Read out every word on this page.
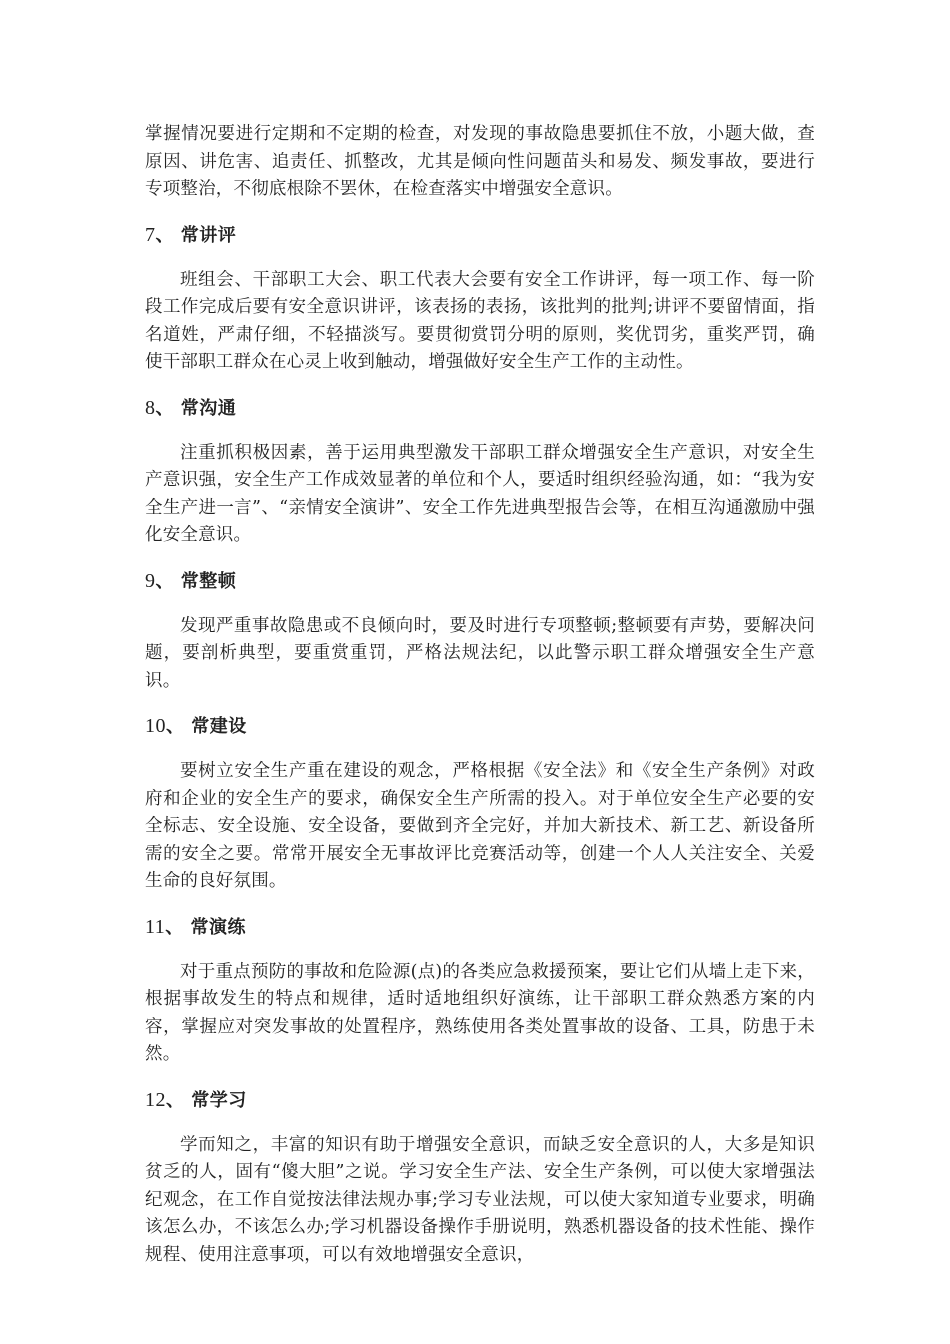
掌握情况要进行定期和不定期的检查，对发现的事故隐患要抓住不放，小题大做，查原因、讲危害、追责任、抓整改，尤其是倾向性问题苗头和易发、频发事故，要进行专项整治，不彻底根除不罢休，在检查落实中增强安全意识。

7、 常讲评

班组会、干部职工大会、职工代表大会要有安全工作讲评，每一项工作、每一阶段工作完成后要有安全意识讲评，该表扬的表扬，该批判的批判;讲评不要留情面，指名道姓，严肃仔细，不轻描淡写。要贯彻赏罚分明的原则，奖优罚劣，重奖严罚，确使干部职工群众在心灵上收到触动，增强做好安全生产工作的主动性。

8、 常沟通

注重抓积极因素，善于运用典型激发干部职工群众增强安全生产意识，对安全生产意识强，安全生产工作成效显著的单位和个人，要适时组织经验沟通，如：“我为安全生产进一言”、“亲情安全演讲”、安全工作先进典型报告会等，在相互沟通激励中强化安全意识。

9、 常整顿

发现严重事故隐患或不良倾向时，要及时进行专项整顿;整顿要有声势，要解决问题，要剖析典型，要重赏重罚，严格法规法纪，以此警示职工群众增强安全生产意识。

10、 常建设

要树立安全生产重在建设的观念，严格根据《安全法》和《安全生产条例》对政府和企业的安全生产的要求，确保安全生产所需的投入。对于单位安全生产必要的安全标志、安全设施、安全设备，要做到齐全完好，并加大新技术、新工艺、新设备所需的安全之要。常常开展安全无事故评比竞赛活动等，创建一个人人关注安全、关爱生命的良好氛围。

11、 常演练

对于重点预防的事故和危险源(点)的各类应急救援预案，要让它们从墙上走下来，根据事故发生的特点和规律，适时适地组织好演练，让干部职工群众熟悉方案的内容，掌握应对突发事故的处置程序，熟练使用各类处置事故的设备、工具，防患于未然。

12、 常学习

学而知之，丰富的知识有助于增强安全意识，而缺乏安全意识的人，大多是知识贫乏的人，固有“傻大胆”之说。学习安全生产法、安全生产条例，可以使大家增强法纪观念，在工作自觉按法律法规办事;学习专业法规，可以使大家知道专业要求，明确该怎么办，不该怎么办;学习机器设备操作手册说明，熟悉机器设备的技术性能、操作规程、使用注意事项，可以有效地增强安全意识，
